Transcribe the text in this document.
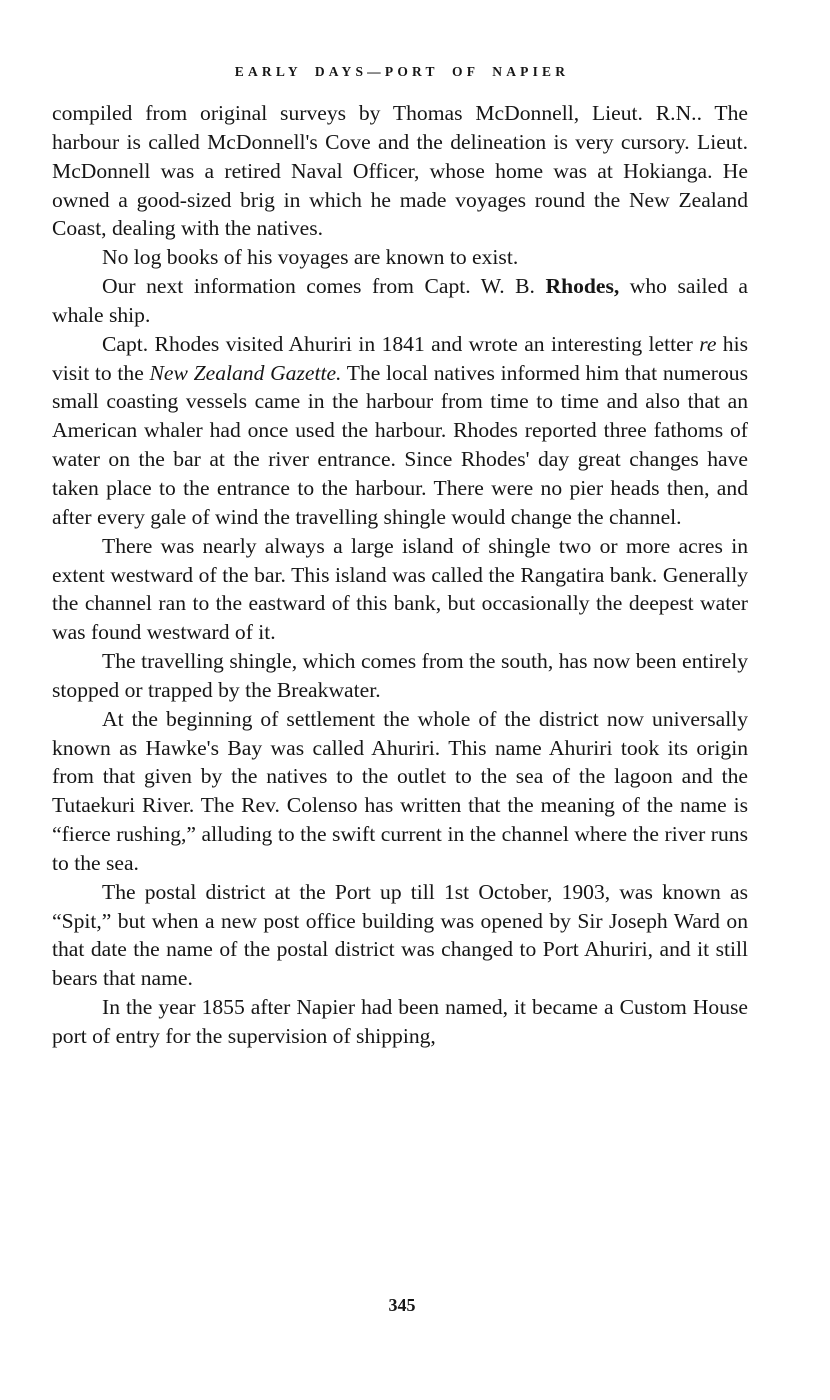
EARLY DAYS—PORT OF NAPIER

compiled from original surveys by Thomas McDonnell, Lieut. R.N.. The harbour is called McDonnell's Cove and the delineation is very cursory. Lieut. McDonnell was a retired Naval Officer, whose home was at Hokianga. He owned a good-sized brig in which he made voyages round the New Zealand Coast, dealing with the natives.

No log books of his voyages are known to exist.

Our next information comes from Capt. W. B. Rhodes, who sailed a whale ship.

Capt. Rhodes visited Ahuriri in 1841 and wrote an interesting letter re his visit to the New Zealand Gazette. The local natives informed him that numerous small coasting vessels came in the harbour from time to time and also that an American whaler had once used the harbour. Rhodes reported three fathoms of water on the bar at the river entrance. Since Rhodes' day great changes have taken place to the entrance to the harbour. There were no pier heads then, and after every gale of wind the travelling shingle would change the channel.

There was nearly always a large island of shingle two or more acres in extent westward of the bar. This island was called the Rangatira bank. Generally the channel ran to the eastward of this bank, but occasionally the deepest water was found westward of it.

The travelling shingle, which comes from the south, has now been entirely stopped or trapped by the Breakwater.

At the beginning of settlement the whole of the district now universally known as Hawke's Bay was called Ahuriri. This name Ahuriri took its origin from that given by the natives to the outlet to the sea of the lagoon and the Tutaekuri River. The Rev. Colenso has written that the meaning of the name is “fierce rushing,” alluding to the swift current in the channel where the river runs to the sea.

The postal district at the Port up till 1st October, 1903, was known as “Spit,” but when a new post office building was opened by Sir Joseph Ward on that date the name of the postal district was changed to Port Ahuriri, and it still bears that name.

In the year 1855 after Napier had been named, it became a Custom House port of entry for the supervision of shipping,

345
